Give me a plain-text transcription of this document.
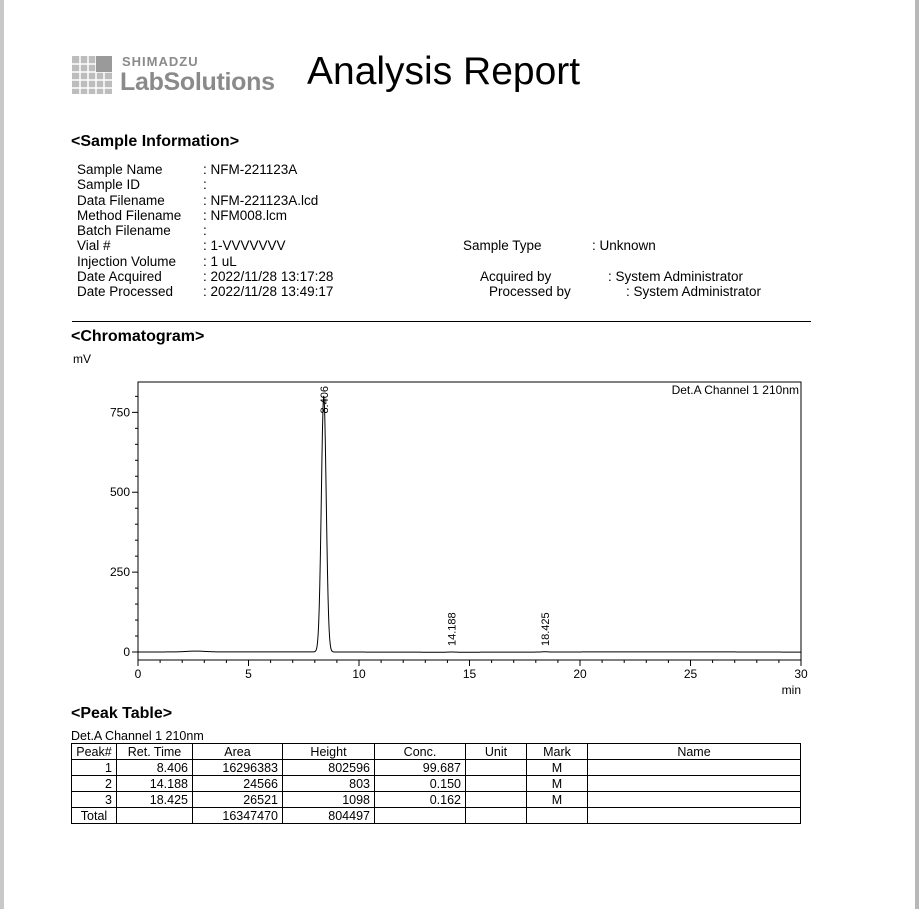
SHIMADZU
LabSolutions Analysis Report
<Sample Information>
Sample Name	: NFM-221123A
Sample ID	:
Data Filename	: NFM-221123A.lcd
Method Filename : NFM008.lcm
Batch Filename :
Vial #	: 1-VVVVVVV
Injection Volume : 1 uL
Date Acquired	: 2022/11/28 13:17:28
Date Processed : 2022/11/28 13:49:17
Sample Type	: Unknown
Acquired by	: System Administrator
Processed by	: System Administrator
<Chromatogram>
mV
0
250
500
750
0	5	10	15	20	25	30
min
Det.A Channel 1 210nm
8.406
14.188	18.425
<Peak Table>
Det.A Channel 1 210nm
Peak#	Ret. Time	Area	Height	Conc.	Unit	Mark	Name
1	8.406	16296383	802596	99.687		M	
2	14.188	24566	803	0.150		M	
3	18.425	26521	1098	0.162		M	
Total		16347470	804497				
